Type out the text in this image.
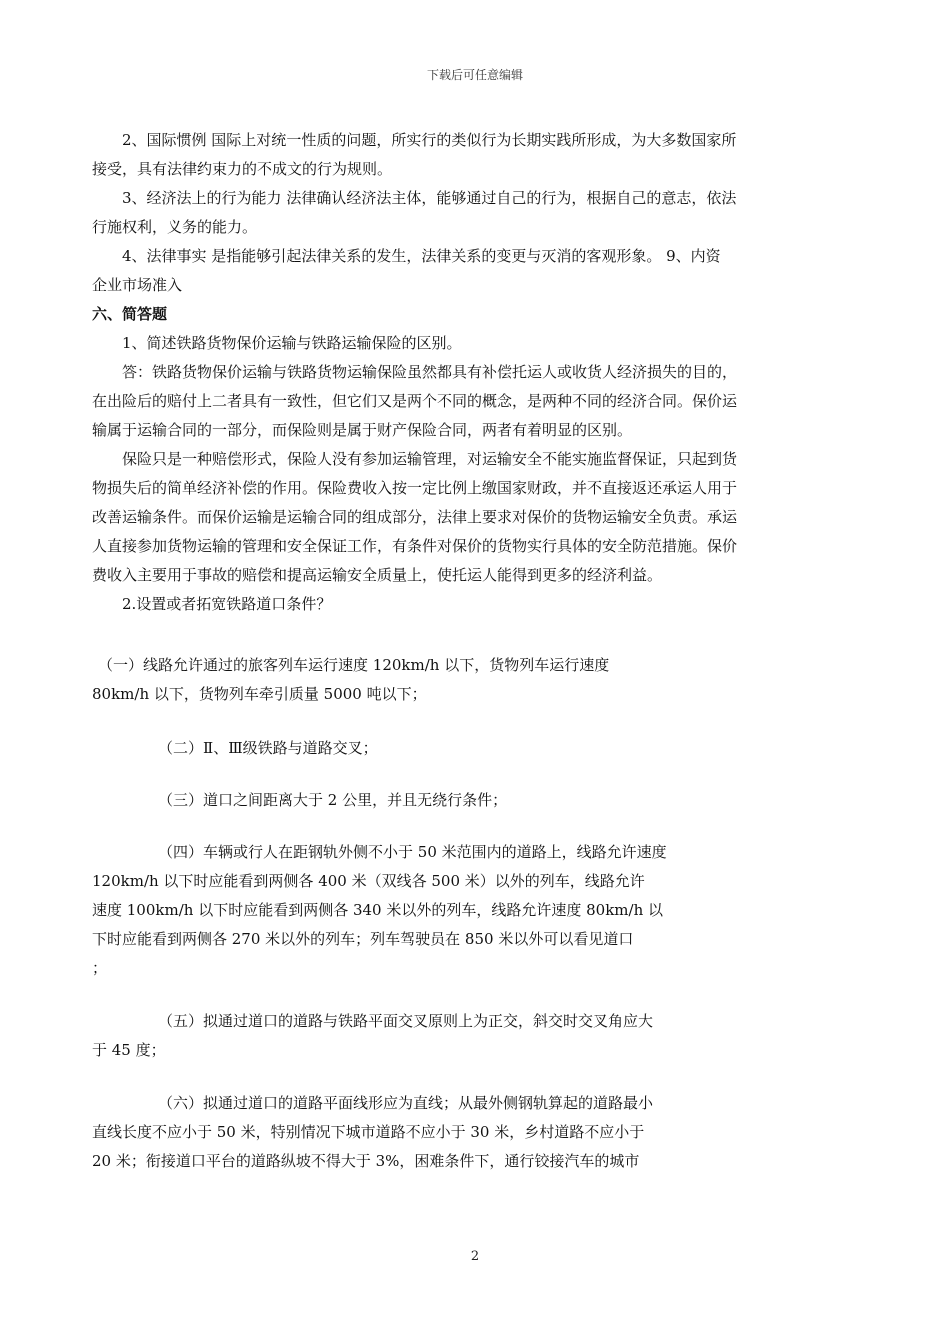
下载后可任意编辑
2、国际惯例 国际上对统一性质的问题，所实行的类似行为长期实践所形成，为大多数国家所
接受，具有法律约束力的不成文的行为规则。
3、经济法上的行为能力 法律确认经济法主体，能够通过自己的行为，根据自己的意志，依法
行施权利，义务的能力。
4、法律事实 是指能够引起法律关系的发生，法律关系的变更与灭消的客观形象。 9、内资
企业市场准入
六、简答题
1、简述铁路货物保价运输与铁路运输保险的区别。
答：铁路货物保价运输与铁路货物运输保险虽然都具有补偿托运人或收货人经济损失的目的，
在出险后的赔付上二者具有一致性，但它们又是两个不同的概念，是两种不同的经济合同。保价运
输属于运输合同的一部分，而保险则是属于财产保险合同，两者有着明显的区别。
保险只是一种赔偿形式，保险人没有参加运输管理，对运输安全不能实施监督保证，只起到货
物损失后的简单经济补偿的作用。保险费收入按一定比例上缴国家财政，并不直接返还承运人用于
改善运输条件。而保价运输是运输合同的组成部分，法律上要求对保价的货物运输安全负责。承运
人直接参加货物运输的管理和安全保证工作，有条件对保价的货物实行具体的安全防范措施。保价
费收入主要用于事故的赔偿和提高运输安全质量上，使托运人能得到更多的经济利益。
2.设置或者拓宽铁路道口条件？
（一）线路允许通过的旅客列车运行速度 120km/h 以下，货物列车运行速度
80km/h 以下，货物列车牵引质量 5000 吨以下；
（二）Ⅱ、Ⅲ级铁路与道路交叉；
（三）道口之间距离大于 2 公里，并且无绕行条件；
（四）车辆或行人在距钢轨外侧不小于 50 米范围内的道路上，线路允许速度
120km/h 以下时应能看到两侧各 400 米（双线各 500 米）以外的列车，线路允许
速度 100km/h 以下时应能看到两侧各 340 米以外的列车，线路允许速度 80km/h 以
下时应能看到两侧各 270 米以外的列车；列车驾驶员在 850 米以外可以看见道口
；
（五）拟通过道口的道路与铁路平面交叉原则上为正交，斜交时交叉角应大
于 45 度；
（六）拟通过道口的道路平面线形应为直线；从最外侧钢轨算起的道路最小
直线长度不应小于 50 米，特别情况下城市道路不应小于 30 米，乡村道路不应小于
20 米；衔接道口平台的道路纵坡不得大于 3%，困难条件下，通行铰接汽车的城市
2
